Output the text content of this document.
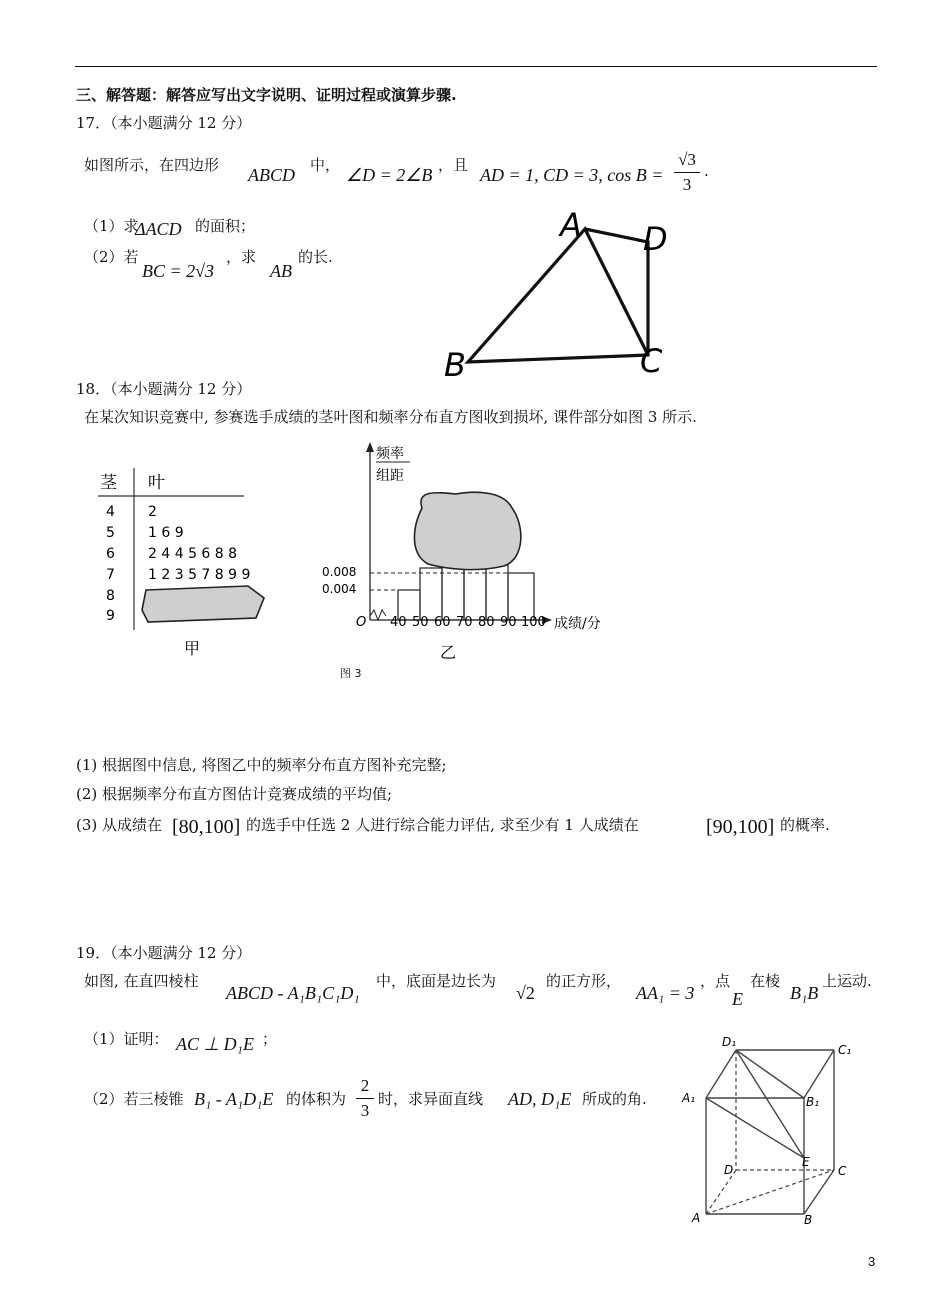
三、解答题：解答应写出文字说明、证明过程或演算步骤.
17．（本小题满分 12 分）
如图所示，在四边形 ABCD 中， ∠D = 2∠B ，且 AD = 1, CD = 3, cos B =
√3
3
.
（1）求
ΔACD 的面积；
（2）若
BC = 2√3
，求
AB
的长.
A D
C
B
18．（本小题满分 12 分）
在某次知识竞赛中, 参赛选手成绩的茎叶图和频率分布直方图收到损坏, 课件部分如图 3 所示.
茎 叶
4 2
5 1 6 9
6 2 4 4 5 6 8 8
7 1 2 3 5 7 8 9 9
8
9
甲
频率
组距
0.008
0.004
O 40 50 60 70 80 90 100 成绩/分
乙
图 3
(1) 根据图中信息, 将图乙中的频率分布直方图补充完整;
(2) 根据频率分布直方图估计竞赛成绩的平均值;
(3) 从成绩在 [80,100] 的选手中任选 2 人进行综合能力评估, 求至少有 1 人成绩在	[90,100] 的概率.
19．（本小题满分 12 分）
如图, 在直四棱柱
ABCD - A₁B₁C₁D₁
中，底面是边长为
√2
的正方形，
AA₁ = 3
，点
E
在棱
B₁B
上运动.
（1）证明： AC ⊥ D₁E ；
（2）若三棱锥 B₁ - A₁D₁E 的体积为
2
3
时，求异面直线 AD, D₁E 所成的角.
D₁
C₁
A₁	B₁
D
E
C
A	B
3
